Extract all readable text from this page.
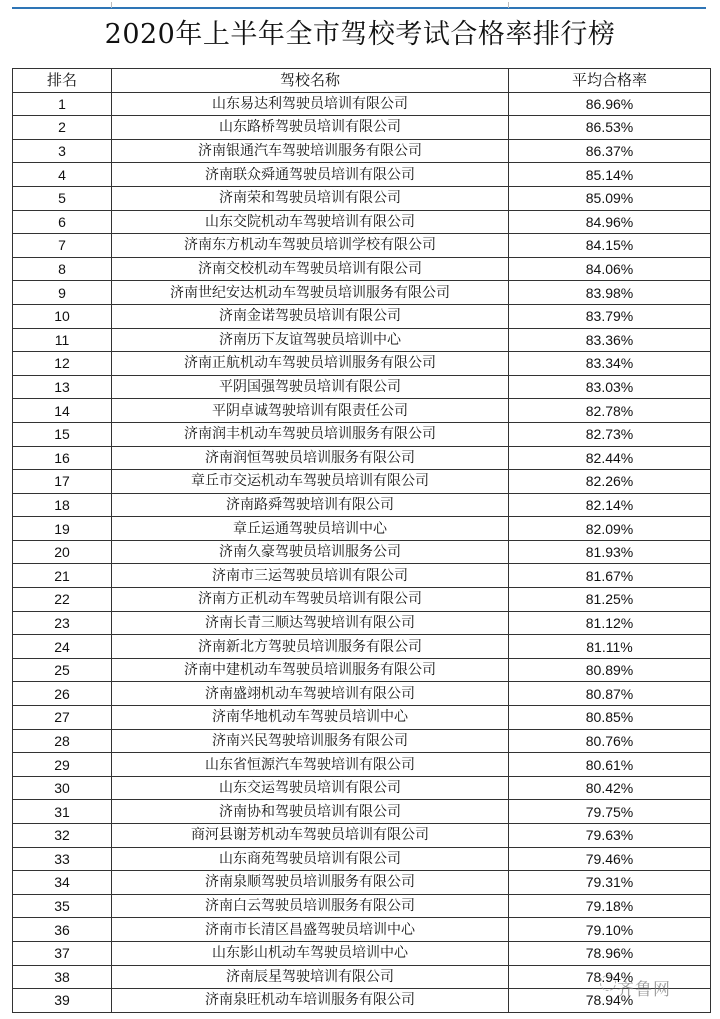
2020年上半年全市驾校考试合格率排行榜
排名	驾校名称	平均合格率
1	山东易达利驾驶员培训有限公司	86.96%
2	山东路桥驾驶员培训有限公司	86.53%
3	济南银通汽车驾驶培训服务有限公司	86.37%
4	济南联众舜通驾驶员培训有限公司	85.14%
5	济南荣和驾驶员培训有限公司	85.09%
6	山东交院机动车驾驶培训有限公司	84.96%
7	济南东方机动车驾驶员培训学校有限公司	84.15%
8	济南交校机动车驾驶员培训有限公司	84.06%
9	济南世纪安达机动车驾驶员培训服务有限公司	83.98%
10	济南金诺驾驶员培训有限公司	83.79%
11	济南历下友谊驾驶员培训中心	83.36%
12	济南正航机动车驾驶员培训服务有限公司	83.34%
13	平阴国强驾驶员培训有限公司	83.03%
14	平阴卓诚驾驶培训有限责任公司	82.78%
15	济南润丰机动车驾驶员培训服务有限公司	82.73%
16	济南润恒驾驶员培训服务有限公司	82.44%
17	章丘市交运机动车驾驶员培训有限公司	82.26%
18	济南路舜驾驶培训有限公司	82.14%
19	章丘运通驾驶员培训中心	82.09%
20	济南久豪驾驶员培训服务公司	81.93%
21	济南市三运驾驶员培训有限公司	81.67%
22	济南方正机动车驾驶员培训有限公司	81.25%
23	济南长青三顺达驾驶培训有限公司	81.12%
24	济南新北方驾驶员培训服务有限公司	81.11%
25	济南中建机动车驾驶员培训服务有限公司	80.89%
26	济南盛翊机动车驾驶培训有限公司	80.87%
27	济南华地机动车驾驶员培训中心	80.85%
28	济南兴民驾驶培训服务有限公司	80.76%
29	山东省恒源汽车驾驶培训有限公司	80.61%
30	山东交运驾驶员培训有限公司	80.42%
31	济南协和驾驶员培训有限公司	79.75%
32	商河县谢芳机动车驾驶员培训有限公司	79.63%
33	山东商苑驾驶员培训有限公司	79.46%
34	济南泉顺驾驶员培训服务有限公司	79.31%
35	济南白云驾驶员培训服务有限公司	79.18%
36	济南市长清区昌盛驾驶员培训中心	79.10%
37	山东影山机动车驾驶员培训中心	78.96%
38	济南辰星驾驶培训有限公司	78.94%
39	济南泉旺机动车培训服务有限公司	78.94%
齐鲁网
